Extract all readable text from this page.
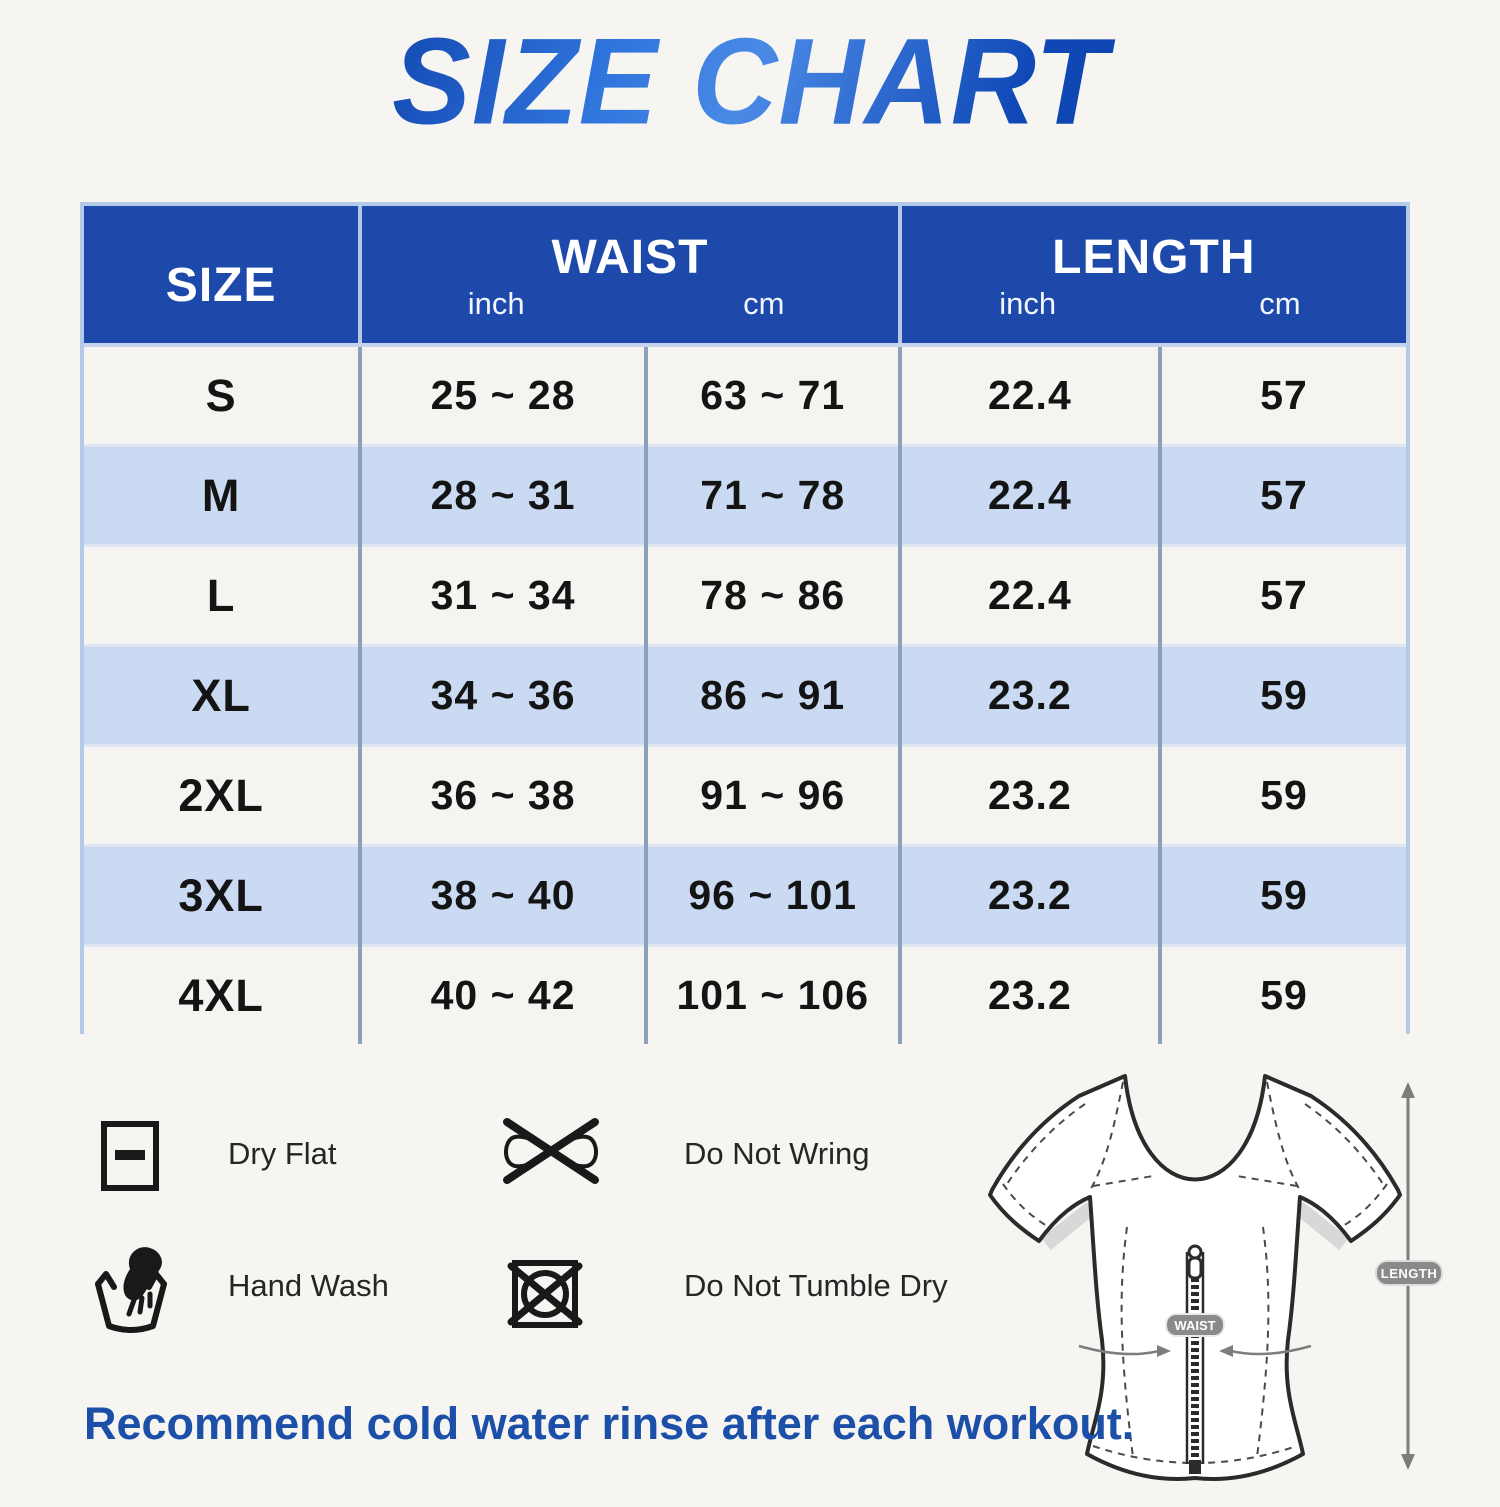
SIZE CHART
SIZE

WAIST
inch	cm

LENGTH
inch	cm

S	25 ~ 28	63 ~ 71	22.4	57
M	28 ~ 31	71 ~ 78	22.4	57
L	31 ~ 34	78 ~ 86	22.4	57
XL	34 ~ 36	86 ~ 91	23.2	59
2XL	36 ~ 38	91 ~ 96	23.2	59
3XL	38 ~ 40	96 ~ 101	23.2	59
4XL	40 ~ 42	101 ~ 106	23.2	59
Dry Flat	Do Not Wring
Hand Wash	Do Not Tumble Dry
WAIST
LENGTH
Recommend cold water rinse after each workout.
